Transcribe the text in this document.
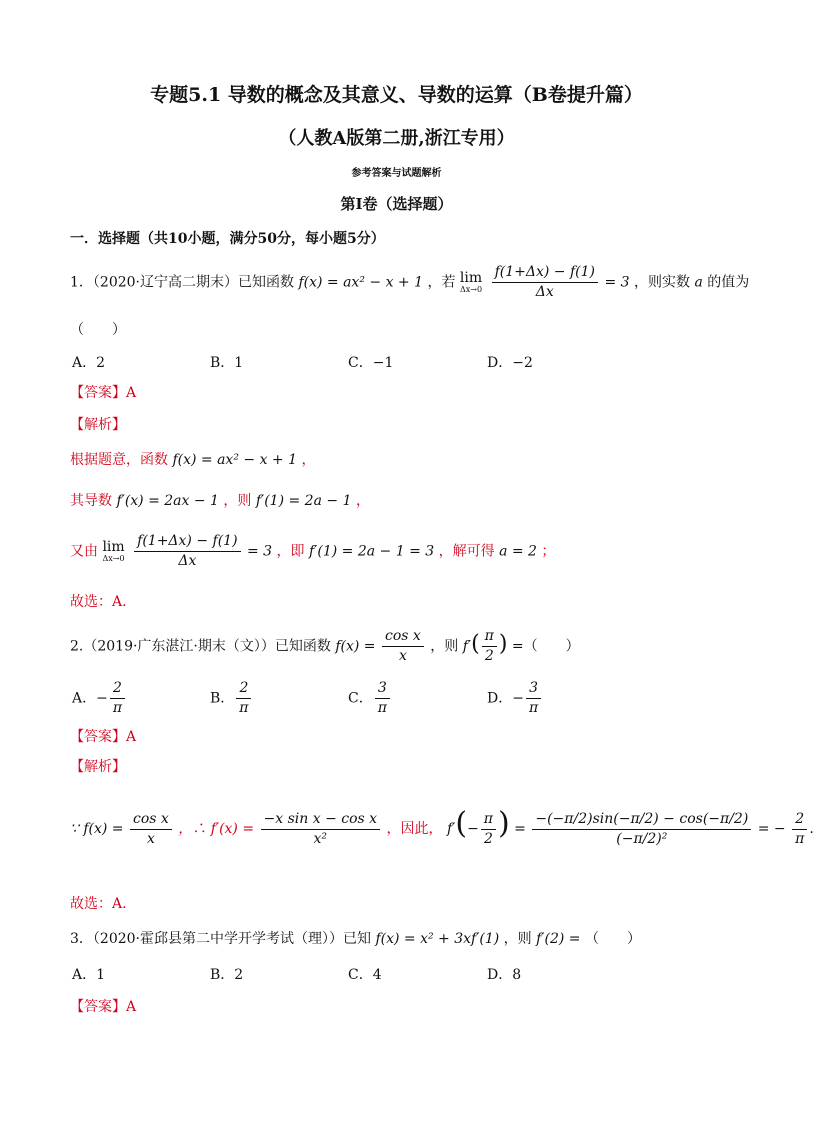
专题5.1 导数的概念及其意义、导数的运算（B卷提升篇）
（人教A版第二册,浙江专用）
参考答案与试题解析
第Ⅰ卷（选择题）
一．选择题（共10小题，满分50分，每小题5分）
1．（2020·辽宁高二期末）已知函数 f(x) = ax² − x + 1 ，若 lim
Δx→0
$\frac{f(1+\Delta x) - f(1)}{\Delta x} = 3$ ，则实数 a 的值为
（　　）
A．2	B．1	C．−1	D．−2
【答案】A
【解析】
根据题意，函数 f(x) = ax² − x + 1 ，
其导数 f′(x) = 2ax − 1 ，则 f′(1) = 2a − 1 ，
又由 lim
Δx→0
$\frac{f(1+\Delta x) - f(1)}{\Delta x} = 3$ ，即 f′(1) = 2a − 1 = 3 ，解可得 a = 2 ；
故选：A.
2.（2019·广东湛江·期末（文））已知函数 $f(x) = \frac{\text{cos x}}{x}$ ，则 $f'( \frac{\pi}{2}$ ) =（　　）
A．− $\frac{2}{\pi}$	B． $\frac{2}{\pi}$	C． $\frac{3}{\pi}$	D．− $\frac{3}{\pi}$
【答案】A
【解析】
∵ $f(x) = \frac{\text{cos x}}{x}$ ，∴ $f'(x) = \frac{\text{−x sin x − cos x}}{\text{x²}}$ ，因此， $f'(- \frac{\pi}{2}$ ) = $\frac{-(-\pi/2)\sin(-\pi/2) - \cos(-\pi/2)}{\text{(−π/2)²}}$ = − $\frac{2}{\pi}$ .
故选：A.
3．（2020·霍邱县第二中学开学考试（理））已知 f(x) = x² + 3xf′(1) ，则 f′(2) = （　　）
A．1	B．2	C．4	D．8
【答案】A
